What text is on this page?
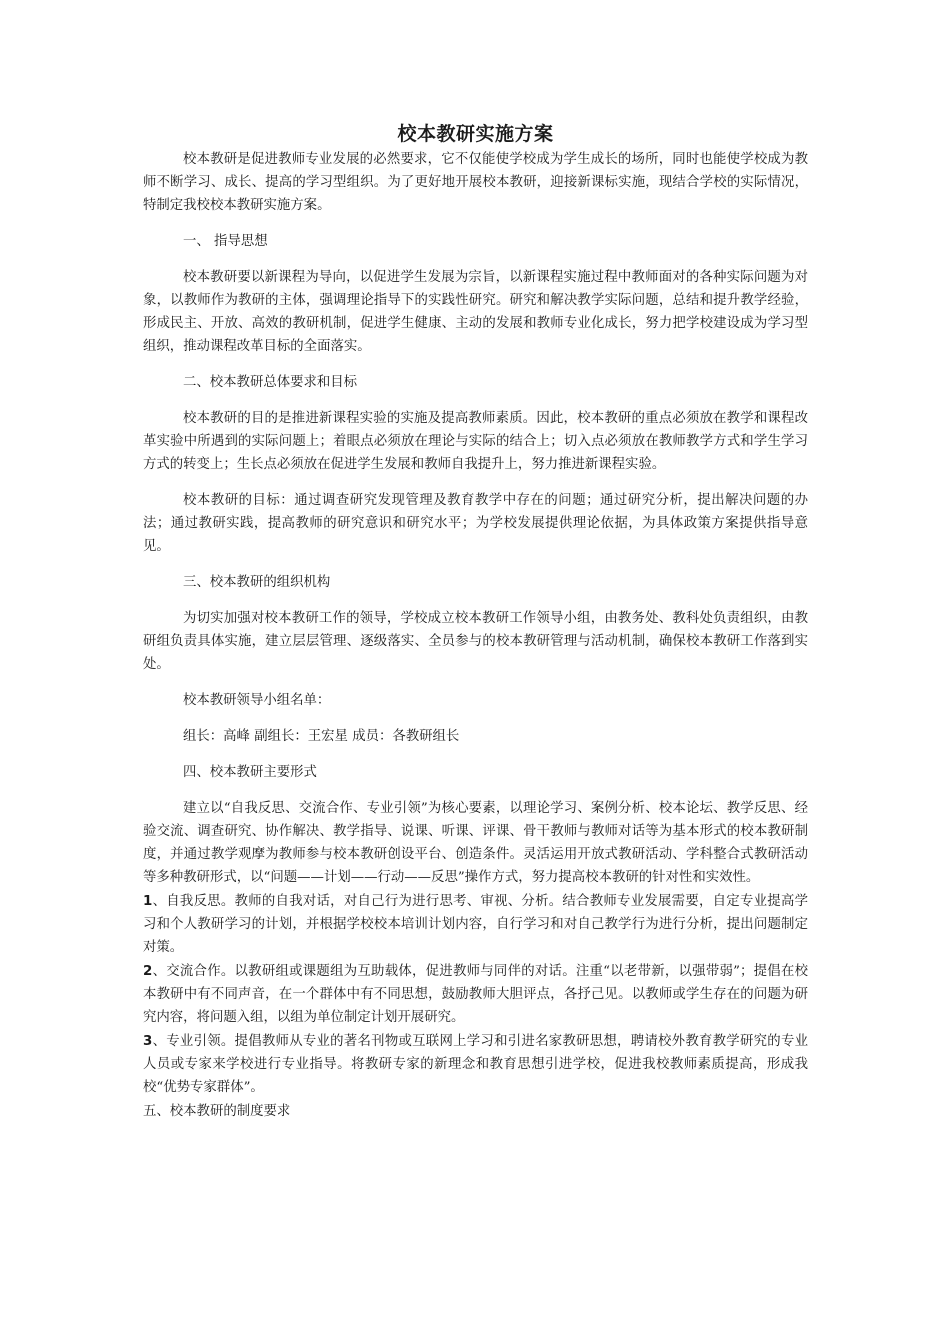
校本教研实施方案

校本教研是促进教师专业发展的必然要求，它不仅能使学校成为学生成长的场所，同时也能使学校成为教师不断学习、成长、提高的学习型组织。为了更好地开展校本教研，迎接新课标实施，现结合学校的实际情况，特制定我校校本教研实施方案。

一、 指导思想

校本教研要以新课程为导向，以促进学生发展为宗旨，以新课程实施过程中教师面对的各种实际问题为对象，以教师作为教研的主体，强调理论指导下的实践性研究。研究和解决教学实际问题，总结和提升教学经验，形成民主、开放、高效的教研机制，促进学生健康、主动的发展和教师专业化成长，努力把学校建设成为学习型组织，推动课程改革目标的全面落实。

二、校本教研总体要求和目标

校本教研的目的是推进新课程实验的实施及提高教师素质。因此，校本教研的重点必须放在教学和课程改革实验中所遇到的实际问题上；着眼点必须放在理论与实际的结合上；切入点必须放在教师教学方式和学生学习方式的转变上；生长点必须放在促进学生发展和教师自我提升上，努力推进新课程实验。

校本教研的目标：通过调查研究发现管理及教育教学中存在的问题；通过研究分析，提出解决问题的办法；通过教研实践，提高教师的研究意识和研究水平；为学校发展提供理论依据，为具体政策方案提供指导意见。

三、校本教研的组织机构

为切实加强对校本教研工作的领导，学校成立校本教研工作领导小组，由教务处、教科处负责组织，由教研组负责具体实施，建立层层管理、逐级落实、全员参与的校本教研管理与活动机制，确保校本教研工作落到实处。

校本教研领导小组名单：

组长：高峰 副组长：王宏星 成员：各教研组长

四、校本教研主要形式

建立以“自我反思、交流合作、专业引领”为核心要素，以理论学习、案例分析、校本论坛、教学反思、经验交流、调查研究、协作解决、教学指导、说课、听课、评课、骨干教师与教师对话等为基本形式的校本教研制度，并通过教学观摩为教师参与校本教研创设平台、创造条件。灵活运用开放式教研活动、学科整合式教研活动等多种教研形式，以“问题——计划——行动——反思”操作方式，努力提高校本教研的针对性和实效性。

1、自我反思。教师的自我对话，对自己行为进行思考、审视、分析。结合教师专业发展需要，自定专业提高学习和个人教研学习的计划，并根据学校校本培训计划内容，自行学习和对自己教学行为进行分析，提出问题制定对策。

2、交流合作。以教研组或课题组为互助载体，促进教师与同伴的对话。注重“以老带新，以强带弱”；提倡在校本教研中有不同声音，在一个群体中有不同思想，鼓励教师大胆评点，各抒己见。以教师或学生存在的问题为研究内容，将问题入组，以组为单位制定计划开展研究。

3、专业引领。提倡教师从专业的著名刊物或互联网上学习和引进名家教研思想，聘请校外教育教学研究的专业人员或专家来学校进行专业指导。将教研专家的新理念和教育思想引进学校，促进我校教师素质提高，形成我校“优势专家群体”。

五、校本教研的制度要求
